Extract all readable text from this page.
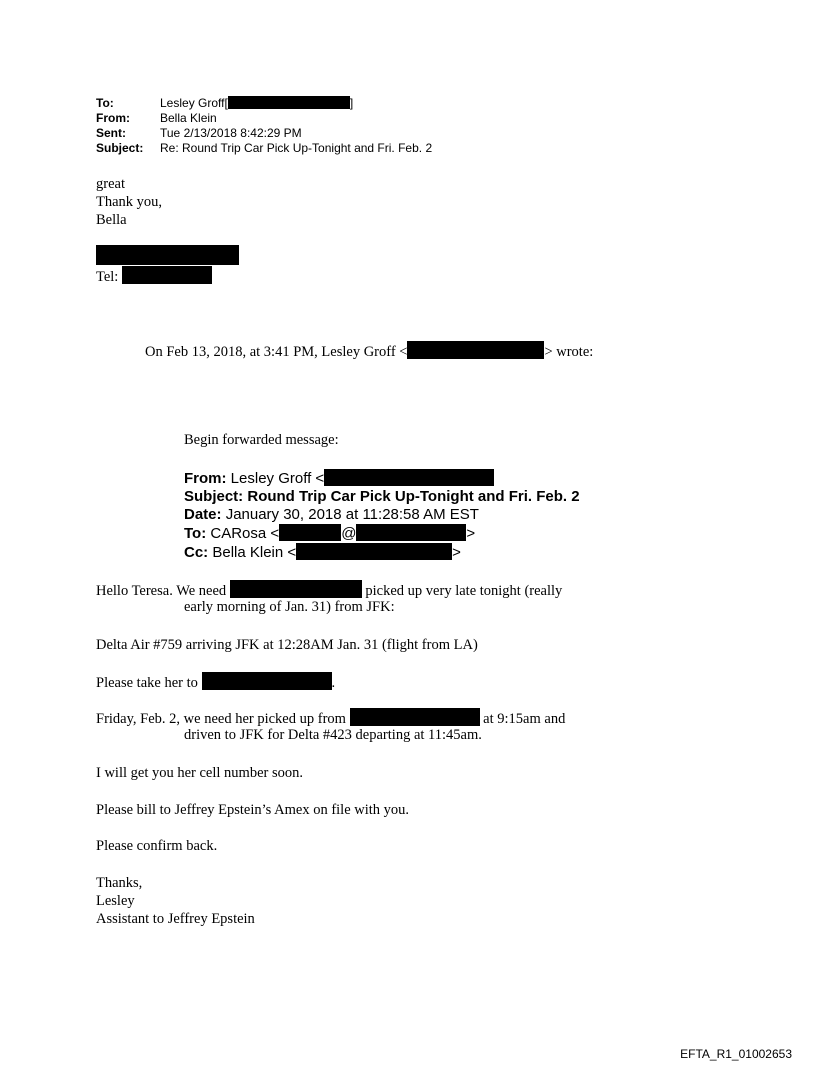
To:	Lesley Groff[	]
From:	Bella Klein
Sent:	Tue 2/13/2018 8:42:29 PM
Subject:	Re: Round Trip Car Pick Up-Tonight and Fri. Feb. 2
great
Thank you,
Bella
Tel:
On Feb 13, 2018, at 3:41 PM, Lesley Groff <	> wrote:
Begin forwarded message:
From: Lesley Groff <
Subject: Round Trip Car Pick Up-Tonight and Fri. Feb. 2
Date: January 30, 2018 at 11:28:58 AM EST
To: CARosa <	@	>
Cc: Bella Klein <	>
Hello Teresa. We need	picked up very late tonight (really
early morning of Jan. 31) from JFK:
Delta Air #759 arriving JFK at 12:28AM Jan. 31 (flight from LA)
Please take her to	.
Friday, Feb. 2, we need her picked up from	at 9:15am and
driven to JFK for Delta #423 departing at 11:45am.
I will get you her cell number soon.
Please bill to Jeffrey Epstein’s Amex on file with you.
Please confirm back.
Thanks,
Lesley
Assistant to Jeffrey Epstein
EFTA_R1_01002653
